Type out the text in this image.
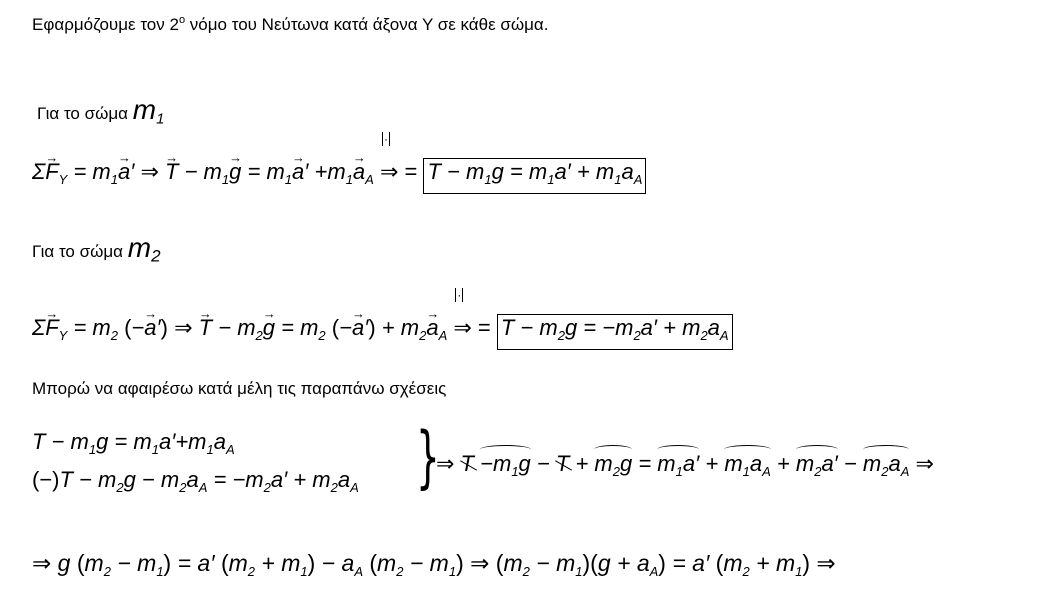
Εφαρμόζουμε τον $2^o$ νόμο του Νεύτωνα κατά άξονα Υ σε κάθε σώμα.
Για το σώμα $m_1$
$\Sigma\to F_Y = m_1\to a'$ ⇒ → $T - m_1\to g = m_1\to a' +m_1\to a_A$
·
⇒ = $T - m_1g = m_1a' + m_1a_A$
Για το σώμα $m_2$
$\Sigma\to F_Y = m_2$ (−→ a′) ⇒ → $T - m_2\to g = m_2$ (−→ $a') + m_2\to a_A$
·
⇒ = $T - m_2g = -m_2a' + m_2a_A$
Μπορώ να αφαιρέσω κατά μέλη τις παραπάνω σχέσεις
$T - m_1g = m_1a'+m_1a_A$
$(-)T - m_2g - m_2a_A = -m_2a' + m_2a_A$ }
⇒ $T -m_1g - T + m_2g = m_1a' + m_1a_A + m_2a' - m_2a_A$ ⇒
⇒ g $(m_2 - m_1) = a'$ $(m_2 + m_1) - a_A$ $(m_2 - m_1)$ ⇒ $(m_2 - m_1)(g + a_A) = a'$ $(m_2 + m_1)$ ⇒
